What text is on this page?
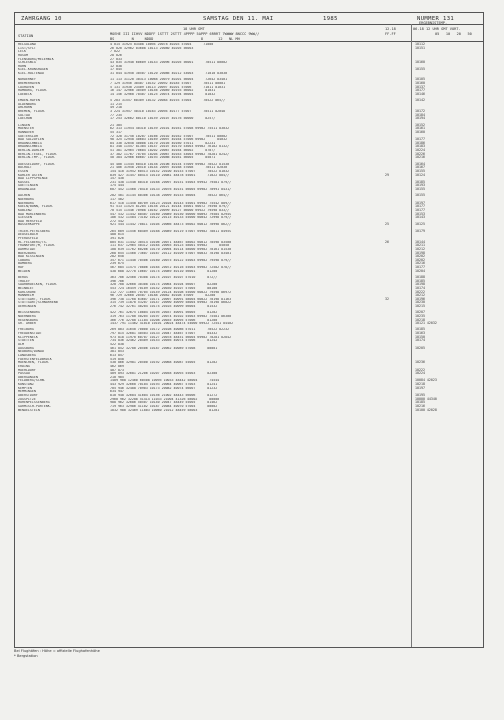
ZAHRGANG 10	SAMSTAG DEN 11. MAI	1985	NUMMER 131
18 UHR GMT
STATION	MOEHE III IIHVV NDDFF 1STTT 2STTT 4PPPP 5APPP 6RRRT 7WWWW 8NCCC 9WW//
BS        N     NDDD                      8       12   NL MH
12-18
FF-FF
ERGEBNISTEMP.
06-18 12 UHR GMT VORT.
05   10   20   50
HELGOLAND	4 015 31925 03408 10094 20078 40203 57004      71000	10112
LIST/SYLT	26 020 32962 03608 10113 20080 40205 56003	10151
LECK	7 022
HUSUM	28 026
FLENSBURG/MEIERWIK	27 033
SCHLESWIG	43 035 31940 60609 10143 20096 40205 56001      70511 80002	10160
HOHN	12 038
KIEL-KRONSHAGEN	17 045	10155
KIEL-HOLTENAU	31 044 41950 30507 10120 20086 40212 53003      71010 83030
NORDERNEY	11 113 31120 30313 10068 20079 40201 56004      72642 83401	10105
BREMERHAVEN	7 129 31956 30407 10152 20092 40185 57007      70511 80001	10160
CUXHAVEN	5 131 31930 23409 10113 20097 40201 57006      71011 81031	10137
HAMBURG, FLUGH.	16 147 32966 30509 10146 20089 40193 56002      81031	10177
LUEBECK	14 156 32960 70407 10125 20074 40194 56004      81032	10146
EMDEN-HAFEN	5 203 31557 60309 10132 20084 40193 57004      70522 865//	10142
OLDENBURG	11 215
AHLHORN	49 218
BREMEN, FLUGH.	3 224 31957 50310 10163 20094 40177 57007      70511 82048	10172
SOLTAU	77 235	10184
LUECHOW	17 253 32662 80110 10159 20107 40176 50000      8257/	10194
LINGEN	21 305	10152
MUENSTER	62 313 11954 40310 10159 20101 40161 57008 69902 75511 83032	10161
HANNOVER	55 317	10160
GUETERSLOH	72 320 31750 10207 10166 20102 40162 57007      70511 80002
BAD SALZUFLEN	98 325 12958 40603 10169 20097 40164 57006 69902      84032	10177
BRAUNSCHWEIG	84 330 32058 40008 10170 20105 40160 57011      82231	10186
BRAUNSCHWEIG	81 348 11557 81304 10147 20107 40170 53003 69902 76182 8132/	10183
BERLIN-DAHLEM	51 381 32965 70604 10202 20067 40164 56002      8707/	10224
BERLIN-TEGEL, FLUGH.	37 382 11767 70705 10204 20067 40163 53003 69902 70281 8242/	10226
BERLIN-TMP., FLUGH.	50 384 32966 60607 10193 20086 40161 56005      85071	10216
DUESSELDORF, FLUGH.	45 400 11545 60410 10158 20106 40154 57009 69902 70522 81530	10164
BOCHOLT	21 406 31950 20510 10144 20097 40168 57008      70511 82030	10167
ESSEN	154 410 31952 60513 10152 20100 40153 57007      70522 81032	10155
KAHLER ASTEN	839 427 31457 80414 10110 20081 48478 55001      71022 884//	29	10124
BAD LIPPSPRINGE	157 430
KASSEL	231 438 11540 80310 10168 20097 40151 55003 69942 79581 879//	10185
GOETTINGEN	175 444	10193
BRAUNLAGE	607 452 11560 70410 10133 20076 40151 56005 69902 70991 8431/	10155
AACHEN	202 501 31145 80306 10138 20099 40153 56004      70522 864//	10155
NUERBURG	117 502
NUERBURG	617 510 11450 80709 10123 20104 40143 55001 69902 75542 889//	10197
KOELN/BONN, FLUGH.	91 513 11525 81204 10158 20121 40144 55001 60072 79598 879//	10177
KOBLENZ	70 515 11546 70908 10162 20099 40127 56000 69922 79598 833//	10177
BAD MARIENBERG	547 532 11442 80407 10160 20089 40150 50000 60092 79584 8294S	10153
GIESSEN	186 532 11584 73102 10122 20115 40133 55000 60042 72998 879//	10143
BAD HERSFELD	272 542
WASSERKUPPE	921 544 11442 70811 10104 20066 48473 56002 60012 70998 862//	25	10125
TRIER-PETRISBERG	265 609 11556 60409 10168 20089 40119 57007 69902 78011 8495S	10179
DEUSELBACH	480 615
PFERDSFELD	391 626
HL.FELSBERG/TS.	805 631 11442 30514 10106 20071 48467 58002 60012 70598 83500	26	10144
FRANKFURT/M, FLUGH.	111 637 12965 50312 10164 20093 40123 58001 69902      85050	10211
DARMSTADT	108 639 11762 60206 10170 20094 40114 58000 69902 70161 81530	10212
WUERZBURG	268 655 11560 73607 10167 20112 40109 57007 60032 70198 83401	10198
BAD KISSINGEN	282 658	10202
COBURG	357 671 11440 70506 10160 20075 40122 55003 69902 79598 879//	10202
BAMBERG	239 675	10216
HOF	567 685 11575 70806 10164 20072 40116 55003 69902 72582 878//	10177
WEIDEN	438 688 32770 10607 10174 20089 40110 56001      81200	10204
BERUS	363 706 32560 70308 10174 20107 40107 57010      872//	10188
THOLEY	396 706	10185
SAARBRUECKEN, FLUGH.	320 708 32660 30308 10174 20064 40104 56007      82200	10198
WEINBIET	553 724 16459 70109 10152 20030 40107 57005      80100	10174
KARLSRUHE	112 727 11665 70705 10149 20124 40108 55000 60022 79598 86972	10222
MANNHEIM	96 729 32660 20507 10188 20082 40108 57009      82200	10212
STUTTGART, FLUGH.	396 738 11768 63607 10171 20097 40091 58004 60022 70198 81163	32	10196
STUTTGART/SCHNARRENB	315 739 11870 53207 10147 20090 40099 58004 69902 70198 86022	10230
OEHRINGEN	276 742 32761 40204 10174 20103 40099 56004      81532	10215
WEISSENBURG	422 761 32675 10804 10195 20037 40091 56005      81202	10207
NUERNBERG	319 763 11780 50205 10197 20074 40102 55003 69902 75581 86300	10235
REGENSBURG	366 776 32780 11104 10208 20035 40095 57006      81200	10218
GR. ARBER	1437 791 11462 41010 10101 20024 48474 54000 69922 72541 84402	10121 42032
FREIBURG	269 803 31650 70000 10172 20108 40086 57011      70522 82232	10185
FREUDENSTADT	797 815 32681 40503 10133 20047 48467 57007      84332	10163
KLIPPENECK	973 818 11970 60707 10127 20078 48451 56004 69902 70281 82842	10150
STOETTEN	734 836 32462 20409 10153 20056 40074 57006      81242	10174
ULM	522 838
AUGSBURG	461 852 32780 20506 10187 20062 40089 57008      80001	10205
NEUBURG/DONAU	381 853
LANDSBERG	613 857
FUERSTENFELDBRUCK	519 858
MUENCHEN, FLUGH.	530 866 32981 20500 10192 20068 40087 55005      81202	10236
ERDING	462 869
MUEHLDORF	407 873	10222
PASSAU	409 893 32681 21206 10207 20058 40093 55003      82300	10224
OBERGANGEN	210 905
FELDBERG/SCHW.	1489 908 12460 60508 10095 10033 48442 58004      74544	10084 42023
KONSTANZ	443 929 32660 70104 10193 20064 40067 57003      81241	10218
KEMPTEN	705 946 32488 70903 10173 20082 40074 56007      81232	10197
MEMMINGEN	634 947
OBERSTDORF	810 948 32684 41604 10156 21002 48443 56006      81272	10195
ZUGSPITZE	2960 962 32288 51414 11033 21004 41326 58002      80000	10000 44340
HOHENPEISSENBERG	988 962 32686 50507 10140 20047 48449 55005      81462	10185
GARMISCH-PARTENK.	719 963 32986 41102 10187 20084 40070 57004      80002	10216
WENDELSTEIN	1832 980 32469 11803 10060 21012 48459 58003      81201	10100 42028
Bei Flughäfen : Höhe = offizielle Flughafenhöhe
* Bergstation
